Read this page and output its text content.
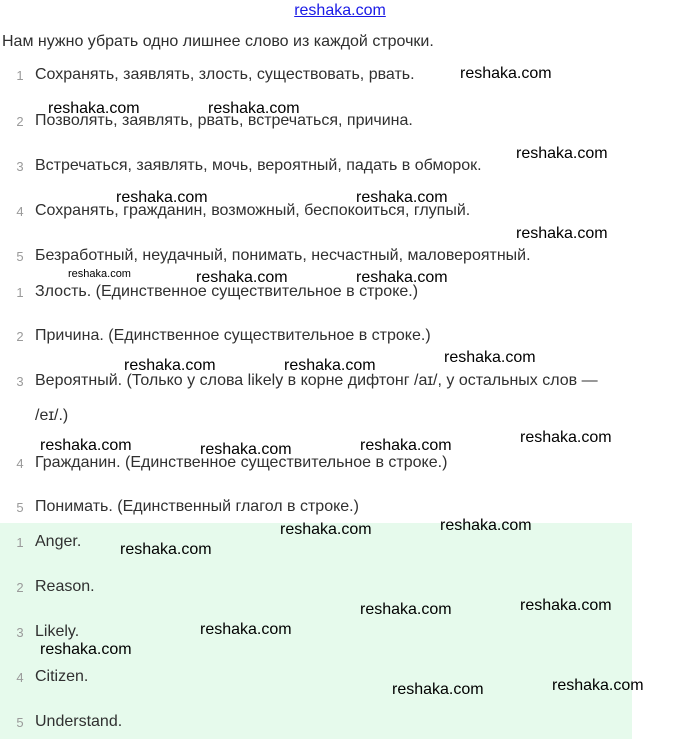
reshaka.com
Нам нужно убрать одно лишнее слово из каждой строчки.
1 Сохранять, заявлять, злость, существовать, рвать.
2 Позволять, заявлять, рвать, встречаться, причина.
3 Встречаться, заявлять, мочь, вероятный, падать в обморок.
4 Сохранять, гражданин, возможный, беспокоиться, глупый.
5 Безработный, неудачный, понимать, несчастный, маловероятный.
1 Злость. (Единственное существительное в строке.)
2 Причина. (Единственное существительное в строке.)
3 Вероятный. (Только у слова likely в корне дифтонг /aɪ/, у остальных слов —
/eɪ/.)
4 Гражданин. (Единственное существительное в строке.)
5 Понимать. (Единственный глагол в строке.)
1 Anger.
2 Reason.
3 Likely.
4 Citizen.
5 Understand.
reshaka.com
reshaka.com	reshaka.com
reshaka.com
reshaka.com	reshaka.com
reshaka.com
reshaka.com	reshaka.com	reshaka.com
reshaka.com
reshaka.com	reshaka.com
reshaka.com
reshaka.com	reshaka.com
reshaka.com
reshaka.com
reshaka.com
reshaka.com
reshaka.com
reshaka.com
reshaka.com
reshaka.com
reshaka.com
reshaka.com
